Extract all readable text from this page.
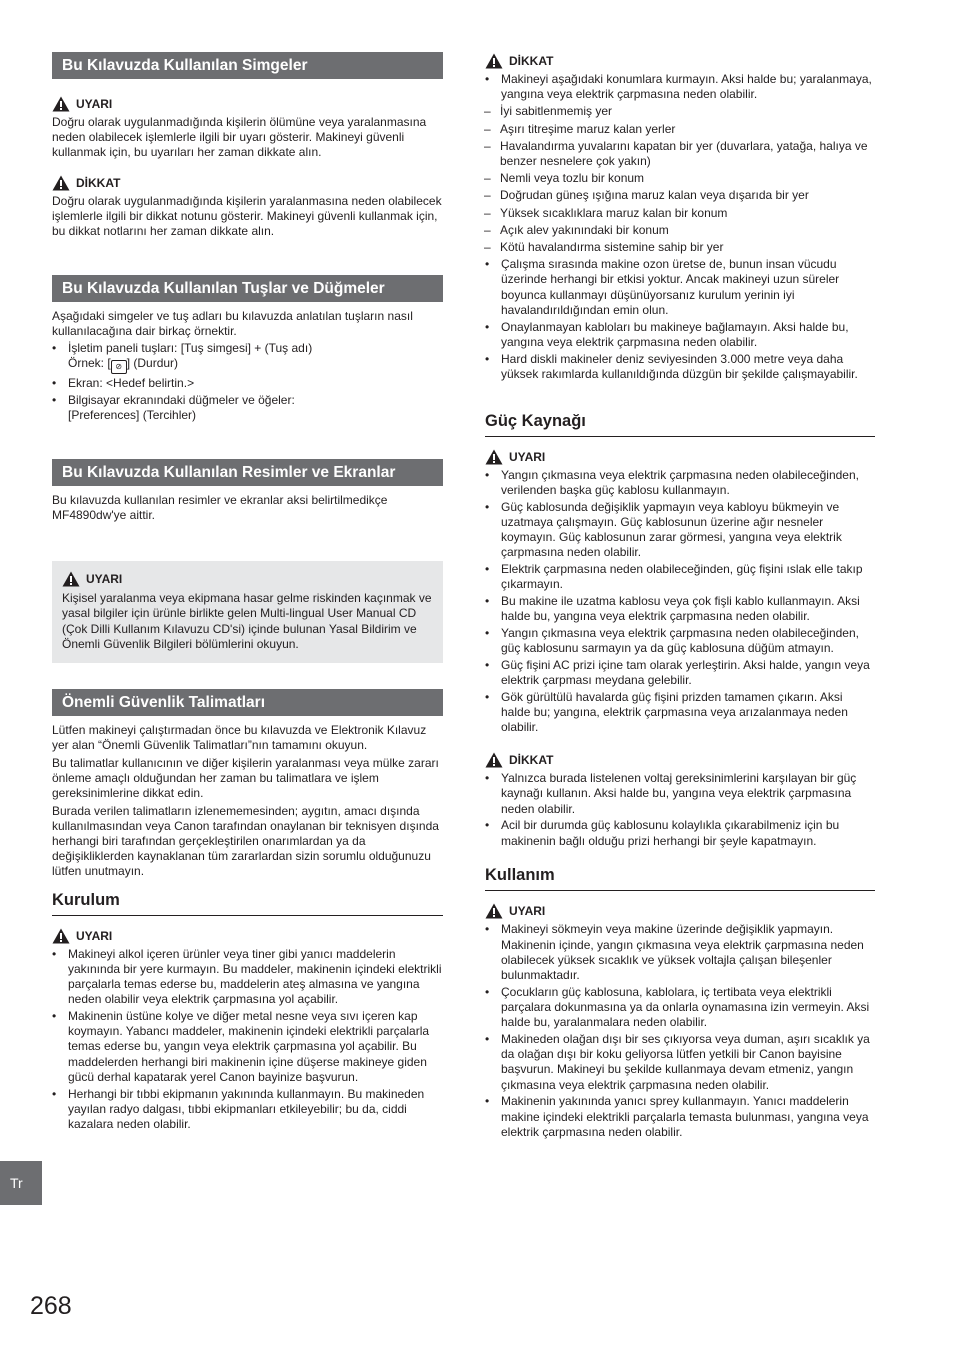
Bu Kılavuzda Kullanılan Simgeler
UYARI

Doğru olarak uygulanmadığında kişilerin ölümüne veya yaralanmasına neden olabilecek işlemlerle ilgili bir uyarı gösterir. Makineyi güvenli kullanmak için, bu uyarıları her zaman dikkate alın.

DİKKAT

Doğru olarak uygulanmadığında kişilerin yaralanmasına neden olabilecek işlemlerle ilgili bir dikkat notunu gösterir. Makineyi güvenli kullanmak için, bu dikkat notlarını her zaman dikkate alın.

Bu Kılavuzda Kullanılan Tuşlar ve Düğmeler

Aşağıdaki simgeler ve tuş adları bu kılavuzda anlatılan tuşların nasıl kullanılacağına dair birkaç örnektir.

• İşletim paneli tuşları: [Tuş simgesi] + (Tuş adı)
Örnek: [ ⊘ ] (Durdur)
• Ekran: <Hedef belirtin.>
• Bilgisayar ekranındaki düğmeler ve öğeler:
[Preferences] (Tercihler)
Bu Kılavuzda Kullanılan Resimler ve Ekranlar

Bu kılavuzda kullanılan resimler ve ekranlar aksi belirtilmedikçe MF4890dw'ye aittir.

UYARI

Kişisel yaralanma veya ekipmana hasar gelme riskinden kaçınmak ve yasal bilgiler için ürünle birlikte gelen Multi-lingual User Manual CD (Çok Dilli Kullanım Kılavuzu CD'si) içinde bulunan Yasal Bildirim ve Önemli Güvenlik Bilgileri bölümlerini okuyun.

Önemli Güvenlik Talimatları

Lütfen makineyi çalıştırmadan önce bu kılavuzda ve Elektronik Kılavuz yer alan “Önemli Güvenlik Talimatları”nın tamamını okuyun.

Bu talimatlar kullanıcının ve diğer kişilerin yaralanması veya mülke zararı önleme amaçlı olduğundan her zaman bu talimatlara ve işlem gereksinimlerine dikkat edin.

Burada verilen talimatların izlenememesinden; aygıtın, amacı dışında kullanılmasından veya Canon tarafından onaylanan bir teknisyen dışında herhangi biri tarafından gerçekleştirilen onarımlardan ya da değişikliklerden kaynaklanan tüm zararlardan sizin sorumlu olduğunuzu lütfen unutmayın.

Kurulum
UYARI
• Makineyi alkol içeren ürünler veya tiner gibi yanıcı maddelerin yakınında bir yere kurmayın. Bu maddeler, makinenin içindeki elektrikli parçalarla temas ederse bu, maddelerin ateş almasına ve yangına neden olabilir veya elektrik çarpmasına yol açabilir.
• Makinenin üstüne kolye ve diğer metal nesne veya sıvı içeren kap koymayın. Yabancı maddeler, makinenin içindeki elektrikli parçalarla temas ederse bu, yangın veya elektrik çarpmasına yol açabilir. Bu maddelerden herhangi biri makinenin içine düşerse makineye giden gücü derhal kapatarak yerel Canon bayinize başvurun.
• Herhangi bir tıbbi ekipmanın yakınında kullanmayın. Bu makineden yayılan radyo dalgası, tıbbi ekipmanları etkileyebilir; bu da, ciddi kazalara neden olabilir.
DİKKAT
• Makineyi aşağıdaki konumlara kurmayın. Aksi halde bu; yaralanmaya, yangına veya elektrik çarpmasına neden olabilir.
– İyi sabitlenmemiş yer
– Aşırı titreşime maruz kalan yerler
– Havalandırma yuvalarını kapatan bir yer (duvarlara, yatağa, halıya ve benzer nesnelere çok yakın)
– Nemli veya tozlu bir konum
– Doğrudan güneş ışığına maruz kalan veya dışarıda bir yer
– Yüksek sıcaklıklara maruz kalan bir konum
– Açık alev yakınındaki bir konum
– Kötü havalandırma sistemine sahip bir yer
• Çalışma sırasında makine ozon üretse de, bunun insan vücudu üzerinde herhangi bir etkisi yoktur. Ancak makineyi uzun süreler boyunca kullanmayı düşünüyorsanız kurulum yerinin iyi havalandırıldığından emin olun.
• Onaylanmayan kabloları bu makineye bağlamayın. Aksi halde bu, yangına veya elektrik çarpmasına neden olabilir.
• Hard diskli makineler deniz seviyesinden 3.000 metre veya daha yüksek rakımlarda kullanıldığında düzgün bir şekilde çalışmayabilir.
Güç Kaynağı
UYARI
• Yangın çıkmasına veya elektrik çarpmasına neden olabileceğinden, verilenden başka güç kablosu kullanmayın.
• Güç kablosunda değişiklik yapmayın veya kabloyu bükmeyin ve uzatmaya çalışmayın. Güç kablosunun üzerine ağır nesneler koymayın. Güç kablosunun zarar görmesi, yangına veya elektrik çarpmasına neden olabilir.
• Elektrik çarpmasına neden olabileceğinden, güç fişini ıslak elle takıp çıkarmayın.
• Bu makine ile uzatma kablosu veya çok fişli kablo kullanmayın. Aksi halde bu, yangına veya elektrik çarpmasına neden olabilir.
• Yangın çıkmasına veya elektrik çarpmasına neden olabileceğinden, güç kablosunu sarmayın ya da güç kablosuna düğüm atmayın.
• Güç fişini AC prizi içine tam olarak yerleştirin. Aksi halde, yangın veya elektrik çarpması meydana gelebilir.
• Gök gürültülü havalarda güç fişini prizden tamamen çıkarın. Aksi halde bu; yangına, elektrik çarpmasına veya arızalanmaya neden olabilir.
DİKKAT
• Yalnızca burada listelenen voltaj gereksinimlerini karşılayan bir güç kaynağı kullanın. Aksi halde bu, yangına veya elektrik çarpmasına neden olabilir.
• Acil bir durumda güç kablosunu kolaylıkla çıkarabilmeniz için bu makinenin bağlı olduğu prizi herhangi bir şeyle kapatmayın.
Kullanım
UYARI
• Makineyi sökmeyin veya makine üzerinde değişiklik yapmayın. Makinenin içinde, yangın çıkmasına veya elektrik çarpmasına neden olabilecek yüksek sıcaklık ve yüksek voltajla çalışan bileşenler bulunmaktadır.
• Çocukların güç kablosuna, kablolara, iç tertibata veya elektrikli parçalara dokunmasına ya da onlarla oynamasına izin vermeyin. Aksi halde bu, yaralanmalara neden olabilir.
• Makineden olağan dışı bir ses çıkıyorsa veya duman, aşırı sıcaklık ya da olağan dışı bir koku geliyorsa lütfen yetkili bir Canon bayisine başvurun. Makineyi bu şekilde kullanmaya devam etmeniz, yangın çıkmasına veya elektrik çarpmasına neden olabilir.
• Makinenin yakınında yanıcı sprey kullanmayın. Yanıcı maddelerin makine içindeki elektrikli parçalarla temasta bulunması, yangına veya elektrik çarpmasına neden olabilir.
Tr
268
